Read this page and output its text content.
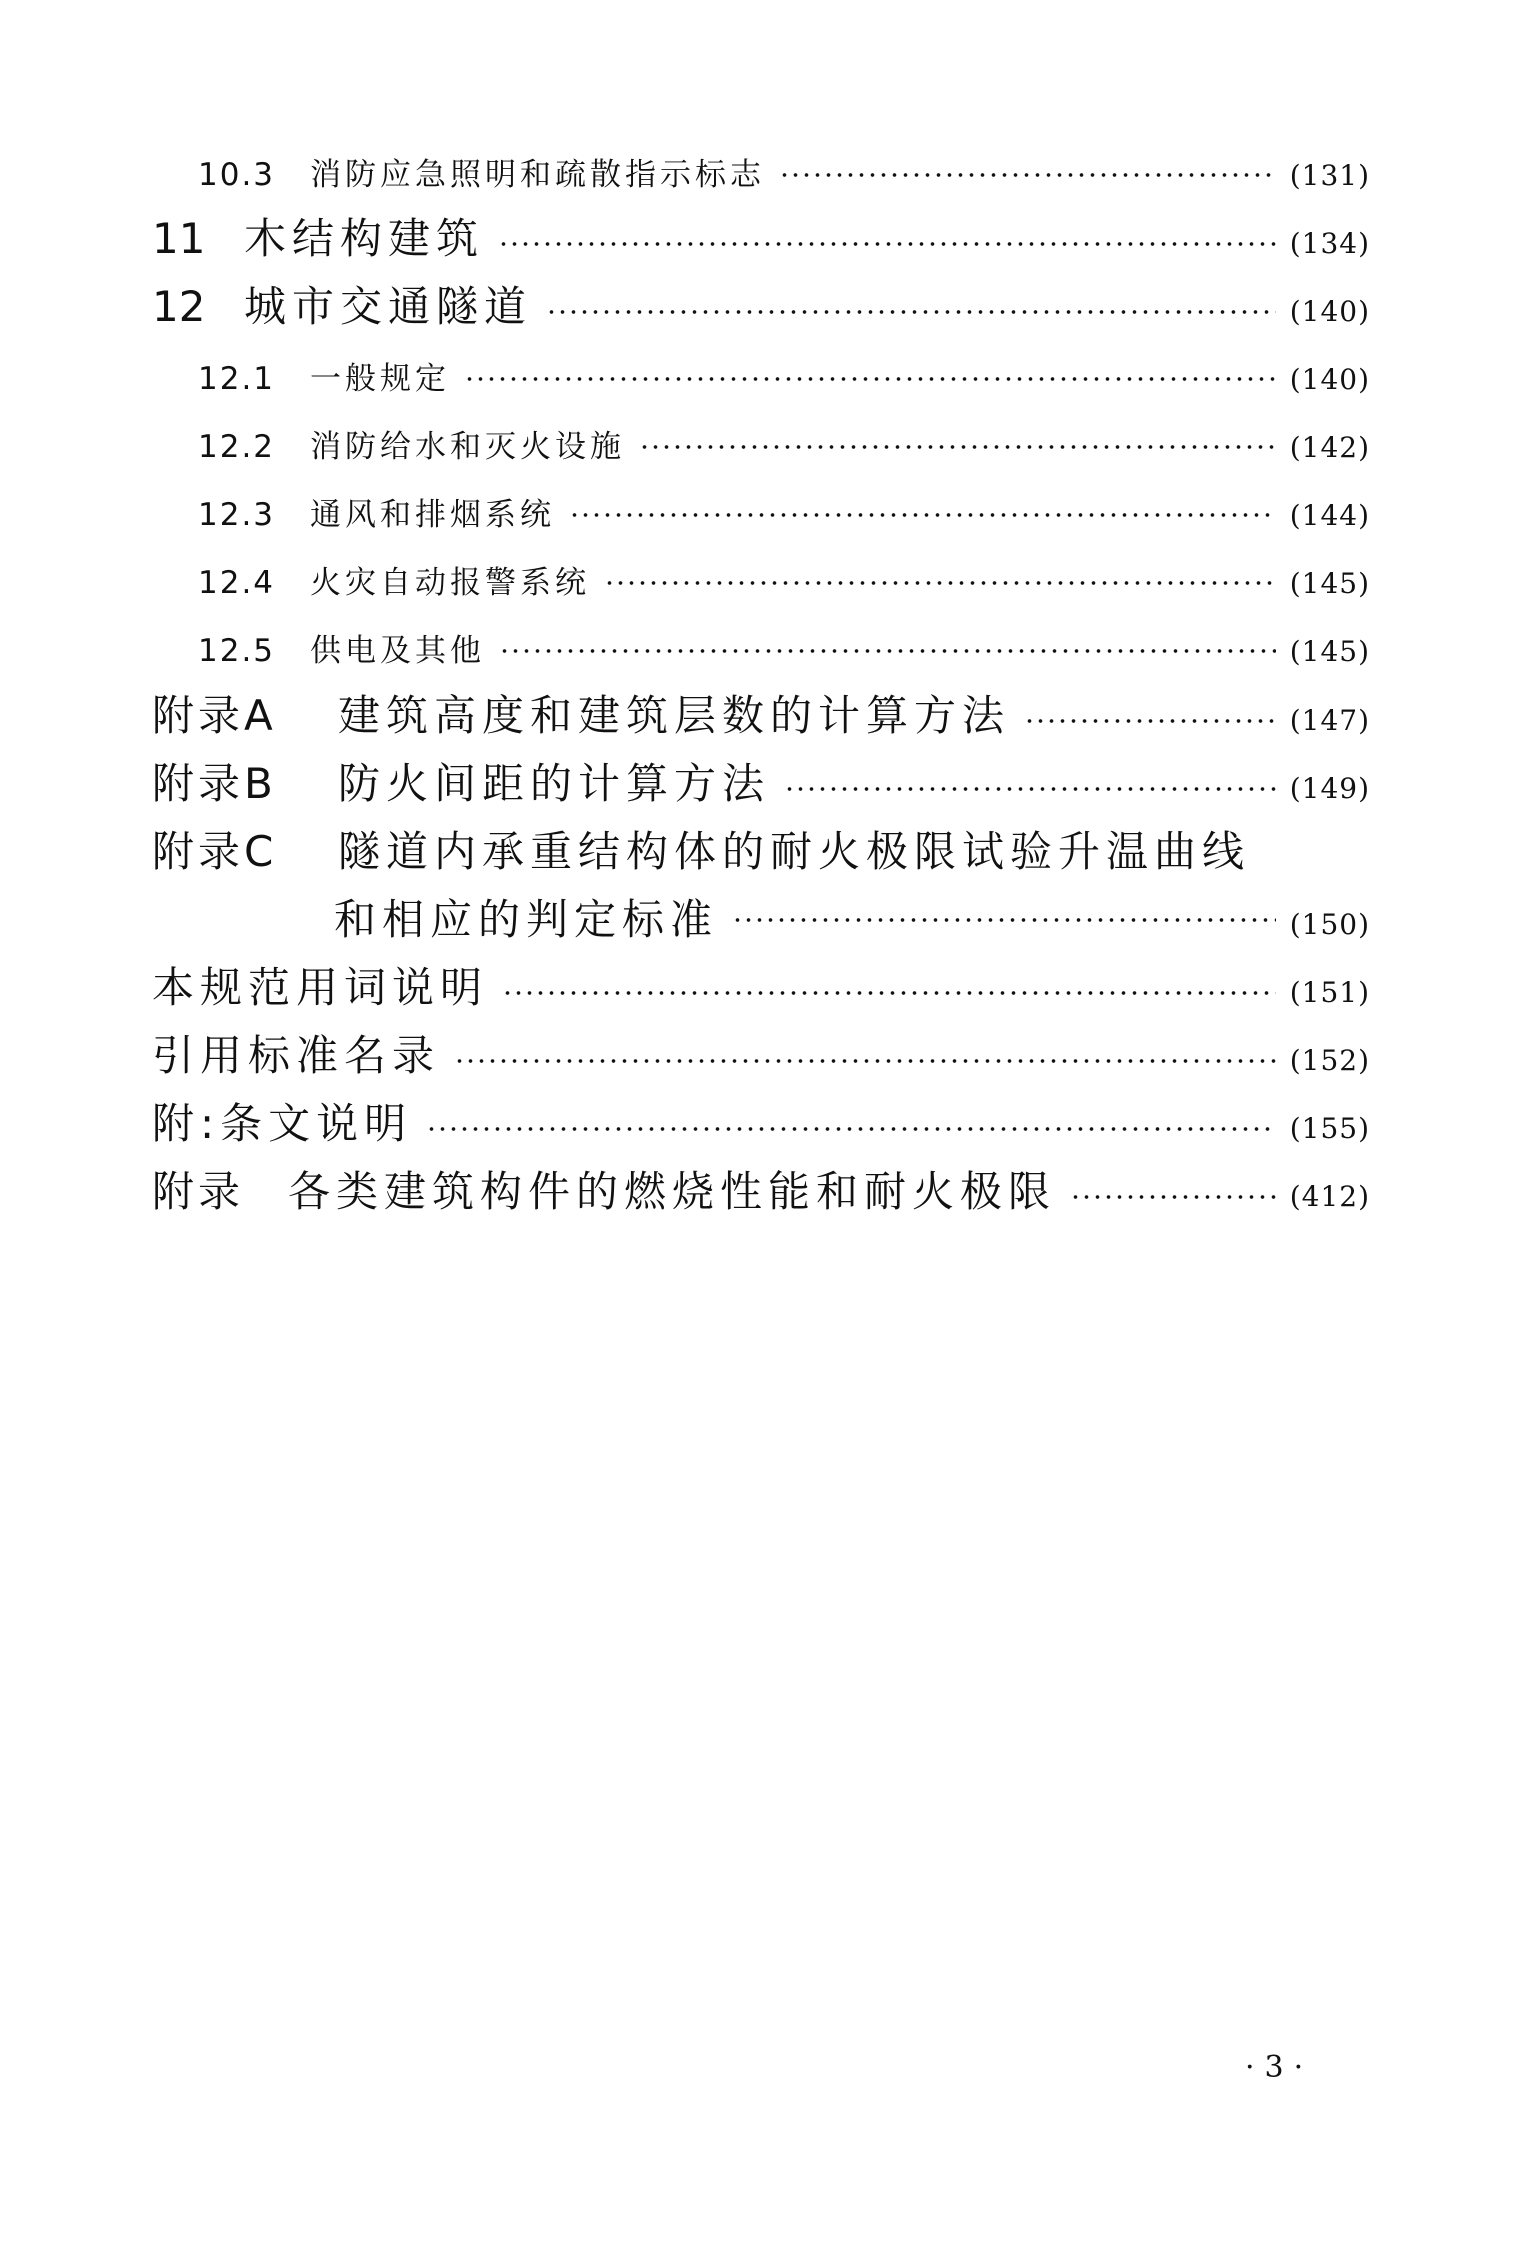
10.3	消防应急照明和疏散指示标志	(131)
11 木结构建筑	(134)
12 城市交通隧道	(140)
12.1	一般规定	(140)
12.2	消防给水和灭火设施	(142)
12.3	通风和排烟系统	(144)
12.4	火灾自动报警系统	(145)
12.5	供电及其他	(145)
附录A	建筑高度和建筑层数的计算方法	(147)
附录B	防火间距的计算方法	(149)
附录C	隧道内承重结构体的耐火极限试验升温曲线
和相应的判定标准	(150)
本规范用词说明	(151)
引用标准名录	(152)
附:条文说明	(155)
附录	各类建筑构件的燃烧性能和耐火极限	(412)
·3·
